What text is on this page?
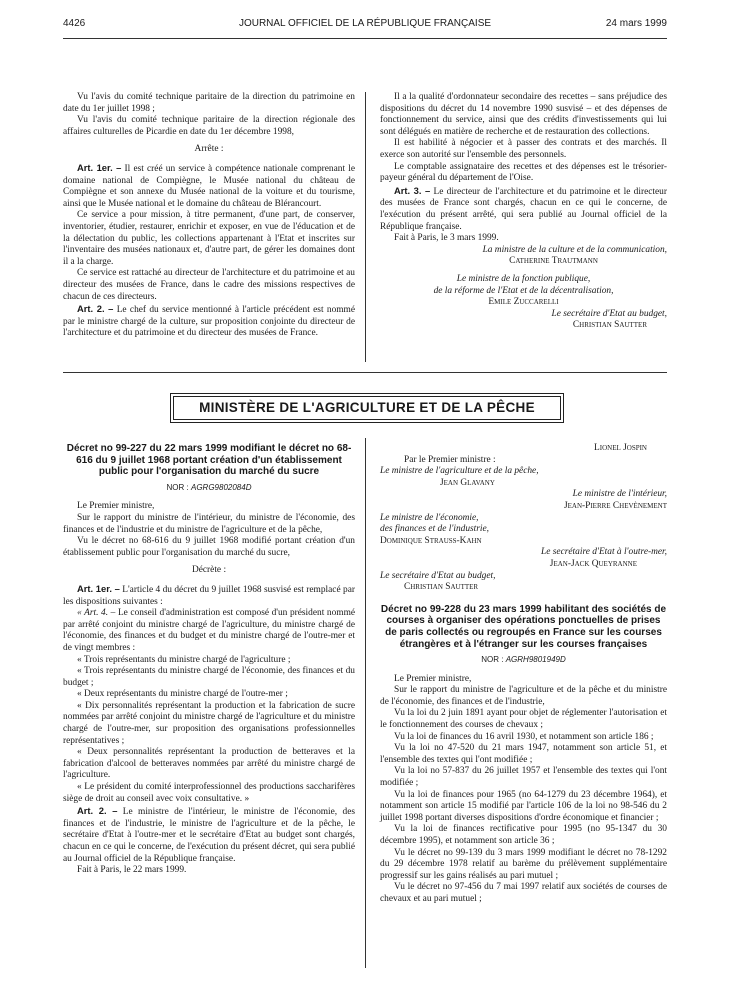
4426	JOURNAL OFFICIEL DE LA RÉPUBLIQUE FRANÇAISE	24 mars 1999

Vu l'avis du comité technique paritaire de la direction du patrimoine en date du 1er juillet 1998 ;

Vu l'avis du comité technique paritaire de la direction régionale des affaires culturelles de Picardie en date du 1er décembre 1998,

Arrête :

Art. 1er. – Il est créé un service à compétence nationale comprenant le domaine national de Compiègne, le Musée national du château de Compiègne et son annexe du Musée national de la voiture et du tourisme, ainsi que le Musée national et le domaine du château de Blérancourt.

Ce service a pour mission, à titre permanent, d'une part, de conserver, inventorier, étudier, restaurer, enrichir et exposer, en vue de l'éducation et de la délectation du public, les collections appartenant à l'Etat et inscrites sur l'inventaire des musées nationaux et, d'autre part, de gérer les domaines dont il a la charge.

Ce service est rattaché au directeur de l'architecture et du patrimoine et au directeur des musées de France, dans le cadre des missions respectives de chacun de ces directeurs.

Art. 2. – Le chef du service mentionné à l'article précédent est nommé par le ministre chargé de la culture, sur proposition conjointe du directeur de l'architecture et du patrimoine et du directeur des musées de France.

Il a la qualité d'ordonnateur secondaire des recettes – sans préjudice des dispositions du décret du 14 novembre 1990 susvisé – et des dépenses de fonctionnement du service, ainsi que des crédits d'investissements qui lui sont délégués en matière de recherche et de restauration des collections.

Il est habilité à négocier et à passer des contrats et des marchés. Il exerce son autorité sur l'ensemble des personnels.

Le comptable assignataire des recettes et des dépenses est le trésorier-payeur général du département de l'Oise.

Art. 3. – Le directeur de l'architecture et du patrimoine et le directeur des musées de France sont chargés, chacun en ce qui le concerne, de l'exécution du présent arrêté, qui sera publié au Journal officiel de la République française.

Fait à Paris, le 3 mars 1999.

La ministre de la culture et de la communication,

Catherine Trautmann

Le ministre de la fonction publique,

de la réforme de l'Etat et de la décentralisation,

Emile Zuccarelli

Le secrétaire d'Etat au budget,

Christian Sautter

MINISTÈRE DE L'AGRICULTURE ET DE LA PÊCHE
Décret no 99-227 du 22 mars 1999 modifiant le décret no 68-616 du 9 juillet 1968 portant création d'un établissement public pour l'organisation du marché du sucre
NOR : AGRG9802084D

Le Premier ministre,

Sur le rapport du ministre de l'intérieur, du ministre de l'économie, des finances et de l'industrie et du ministre de l'agriculture et de la pêche,

Vu le décret no 68-616 du 9 juillet 1968 modifié portant création d'un établissement public pour l'organisation du marché du sucre,

Décrète :

Art. 1er. – L'article 4 du décret du 9 juillet 1968 susvisé est remplacé par les dispositions suivantes :

« Art. 4. – Le conseil d'administration est composé d'un président nommé par arrêté conjoint du ministre chargé de l'agriculture, du ministre chargé de l'économie, des finances et du budget et du ministre chargé de l'outre-mer et de vingt membres :

« Trois représentants du ministre chargé de l'agriculture ;

« Trois représentants du ministre chargé de l'économie, des finances et du budget ;

« Deux représentants du ministre chargé de l'outre-mer ;

« Dix personnalités représentant la production et la fabrication de sucre nommées par arrêté conjoint du ministre chargé de l'agriculture et du ministre chargé de l'outre-mer, sur proposition des organisations professionnelles représentatives ;

« Deux personnalités représentant la production de betteraves et la fabrication d'alcool de betteraves nommées par arrêté du ministre chargé de l'agriculture.

« Le président du comité interprofessionnel des productions saccharifères siège de droit au conseil avec voix consultative. »

Art. 2. – Le ministre de l'intérieur, le ministre de l'économie, des finances et de l'industrie, le ministre de l'agriculture et de la pêche, le secrétaire d'Etat à l'outre-mer et le secrétaire d'Etat au budget sont chargés, chacun en ce qui le concerne, de l'exécution du présent décret, qui sera publié au Journal officiel de la République française.

Fait à Paris, le 22 mars 1999.

Lionel Jospin

Par le Premier ministre :

Le ministre de l'agriculture et de la pêche,

Jean Glavany

Le ministre de l'intérieur,

Jean-Pierre Chevènement

Le ministre de l'économie,

des finances et de l'industrie,

Dominique Strauss-Kahn

Le secrétaire d'Etat à l'outre-mer,

Jean-Jack Queyranne

Le secrétaire d'Etat au budget,

Christian Sautter

Décret no 99-228 du 23 mars 1999 habilitant des sociétés de courses à organiser des opérations ponctuelles de prises de paris collectés ou regroupés en France sur les courses étrangères et à l'étranger sur les courses françaises
NOR : AGRH9801949D

Le Premier ministre,

Sur le rapport du ministre de l'agriculture et de la pêche et du ministre de l'économie, des finances et de l'industrie,

Vu la loi du 2 juin 1891 ayant pour objet de réglementer l'autorisation et le fonctionnement des courses de chevaux ;

Vu la loi de finances du 16 avril 1930, et notamment son article 186 ;

Vu la loi no 47-520 du 21 mars 1947, notamment son article 51, et l'ensemble des textes qui l'ont modifiée ;

Vu la loi no 57-837 du 26 juillet 1957 et l'ensemble des textes qui l'ont modifiée ;

Vu la loi de finances pour 1965 (no 64-1279 du 23 décembre 1964), et notamment son article 15 modifié par l'article 106 de la loi no 98-546 du 2 juillet 1998 portant diverses dispositions d'ordre économique et financier ;

Vu la loi de finances rectificative pour 1995 (no 95-1347 du 30 décembre 1995), et notamment son article 36 ;

Vu le décret no 99-139 du 3 mars 1999 modifiant le décret no 78-1292 du 29 décembre 1978 relatif au barème du prélèvement supplémentaire progressif sur les gains réalisés au pari mutuel ;

Vu le décret no 97-456 du 7 mai 1997 relatif aux sociétés de courses de chevaux et au pari mutuel ;
